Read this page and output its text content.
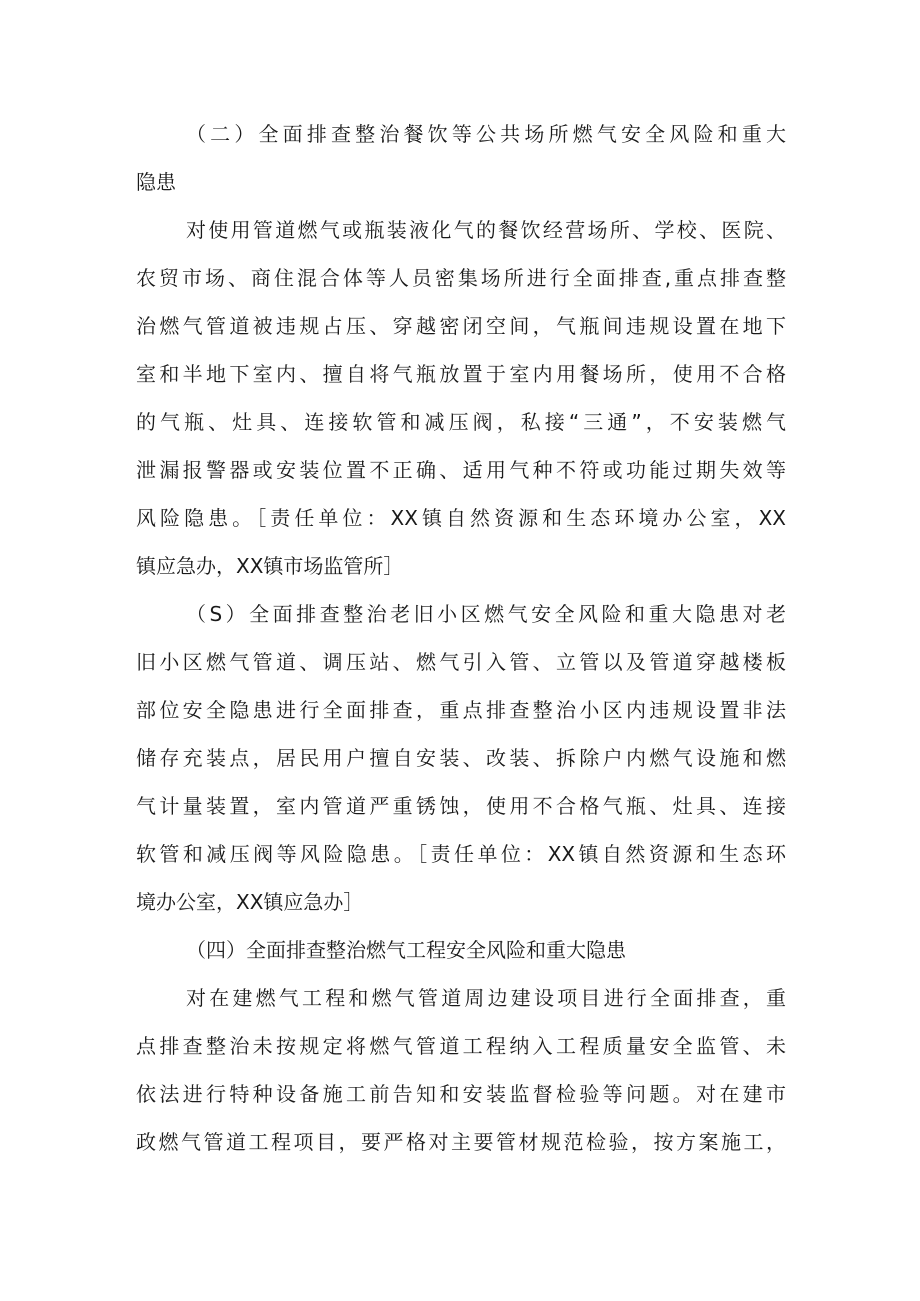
（二）全面排查整治餐饮等公共场所燃气安全风险和重大
隐患
对使用管道燃气或瓶装液化气的餐饮经营场所、学校、医院、
农贸市场、商住混合体等人员密集场所进行全面排查,重点排查整
治燃气管道被违规占压、穿越密闭空间，气瓶间违规设置在地下
室和半地下室内、擅自将气瓶放置于室内用餐场所，使用不合格
的气瓶、灶具、连接软管和减压阀，私接“三通”，不安装燃气
泄漏报警器或安装位置不正确、适用气种不符或功能过期失效等
风险隐患。［责任单位：XX镇自然资源和生态环境办公室，XX
镇应急办，XX镇市场监管所］
（S）全面排查整治老旧小区燃气安全风险和重大隐患对老
旧小区燃气管道、调压站、燃气引入管、立管以及管道穿越楼板
部位安全隐患进行全面排查，重点排查整治小区内违规设置非法
储存充装点，居民用户擅自安装、改装、拆除户内燃气设施和燃
气计量装置，室内管道严重锈蚀，使用不合格气瓶、灶具、连接
软管和减压阀等风险隐患。［责任单位：XX镇自然资源和生态环
境办公室，XX镇应急办］
（四）全面排查整治燃气工程安全风险和重大隐患
对在建燃气工程和燃气管道周边建设项目进行全面排查，重
点排查整治未按规定将燃气管道工程纳入工程质量安全监管、未
依法进行特种设备施工前告知和安装监督检验等问题。对在建市
政燃气管道工程项目，要严格对主要管材规范检验，按方案施工，
